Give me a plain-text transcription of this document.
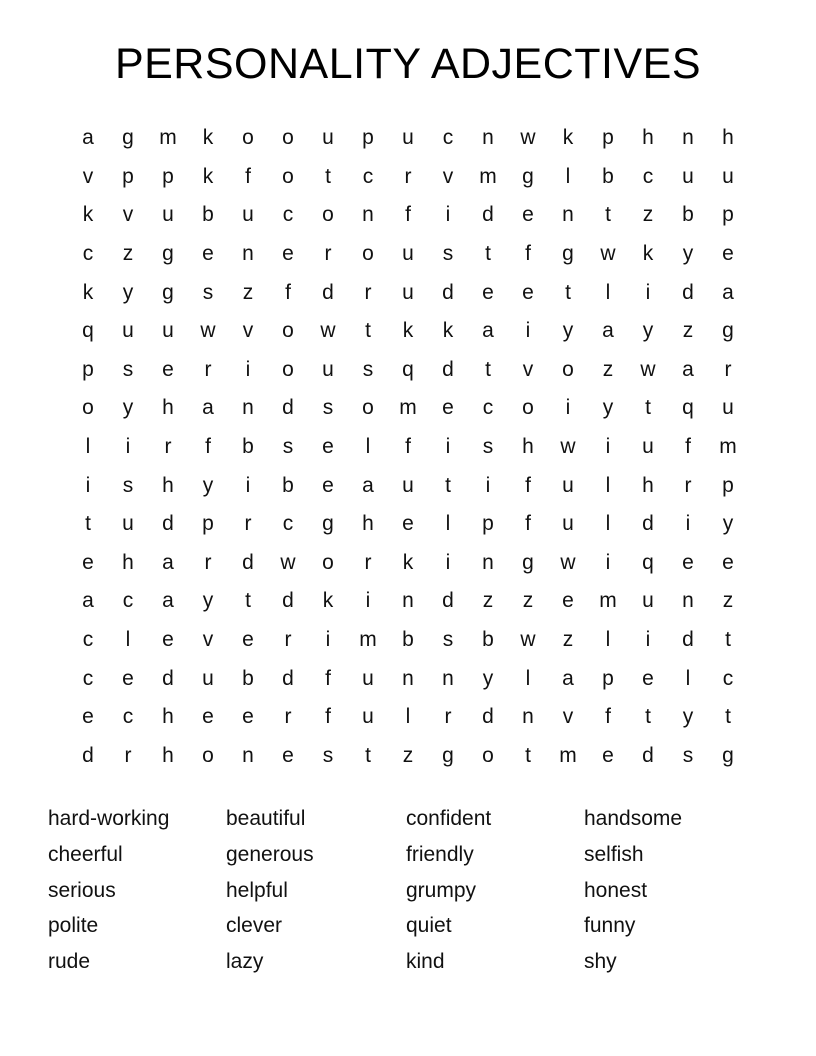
PERSONALITY ADJECTIVES
a	g	m	k	o	o	u	p	u	c	n	w	k	p	h	n	h
v	p	p	k	f	o	t	c	r	v	m	g	l	b	c	u	u
k	v	u	b	u	c	o	n	f	i	d	e	n	t	z	b	p
c	z	g	e	n	e	r	o	u	s	t	f	g	w	k	y	e
k	y	g	s	z	f	d	r	u	d	e	e	t	l	i	d	a
q	u	u	w	v	o	w	t	k	k	a	i	y	a	y	z	g
p	s	e	r	i	o	u	s	q	d	t	v	o	z	w	a	r
o	y	h	a	n	d	s	o	m	e	c	o	i	y	t	q	u
l	i	r	f	b	s	e	l	f	i	s	h	w	i	u	f	m
i	s	h	y	i	b	e	a	u	t	i	f	u	l	h	r	p
t	u	d	p	r	c	g	h	e	l	p	f	u	l	d	i	y
e	h	a	r	d	w	o	r	k	i	n	g	w	i	q	e	e
a	c	a	y	t	d	k	i	n	d	z	z	e	m	u	n	z
c	l	e	v	e	r	i	m	b	s	b	w	z	l	i	d	t
c	e	d	u	b	d	f	u	n	n	y	l	a	p	e	l	c
e	c	h	e	e	r	f	u	l	r	d	n	v	f	t	y	t
d	r	h	o	n	e	s	t	z	g	o	t	m	e	d	s	g
hard-working
cheerful
serious
polite
rude
beautiful
generous
helpful
clever
lazy
confident
friendly
grumpy
quiet
kind
handsome
selfish
honest
funny
shy
